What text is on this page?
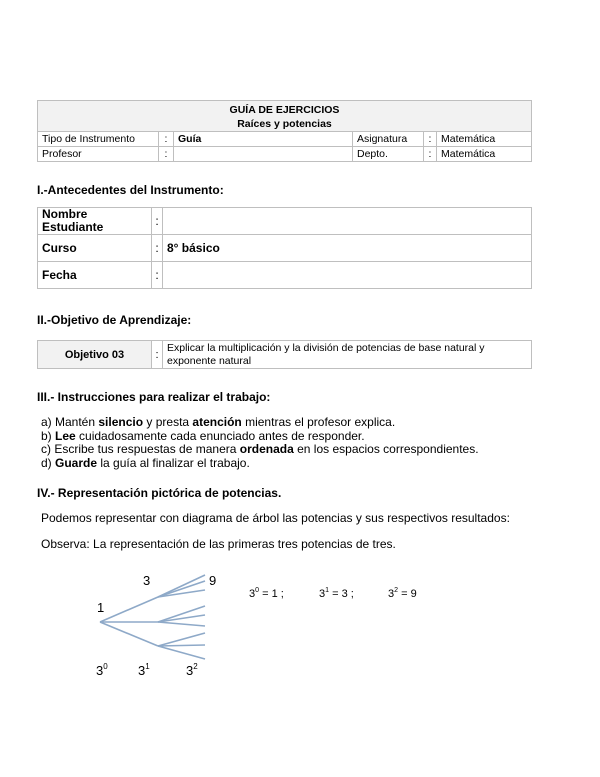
GUÍA DE EJERCICIOS
Raíces y potencias					

Tipo de Instrumento	:	Guía	Asignatura	:	Matemática
Profesor	:		Depto.	:	Matemática
I.-Antecedentes del Instrumento:
Nombre Estudiante	:	
Curso	:	8° básico
Fecha	:	
II.-Objetivo de Aprendizaje:
Objetivo 03	:	Explicar la multiplicación y la división de potencias de base natural y exponente natural
III.- Instrucciones para realizar el trabajo:
a) Mantén silencio y presta atención mientras el profesor explica.
b) Lee cuidadosamente cada enunciado antes de responder.
c) Escribe tus respuestas de manera ordenada en los espacios correspondientes.
d) Guarde la guía al finalizar el trabajo.
IV.- Representación pictórica de potencias.
Podemos representar con diagrama de árbol las potencias y sus respectivos resultados:
Observa: La representación de las primeras tres potencias de tres.
1
3	9
$3^0$ $3^1$	$3^2$
$3^0 = 1$ ;	$3^1 = 3$ ;	$3^2 = 9$
